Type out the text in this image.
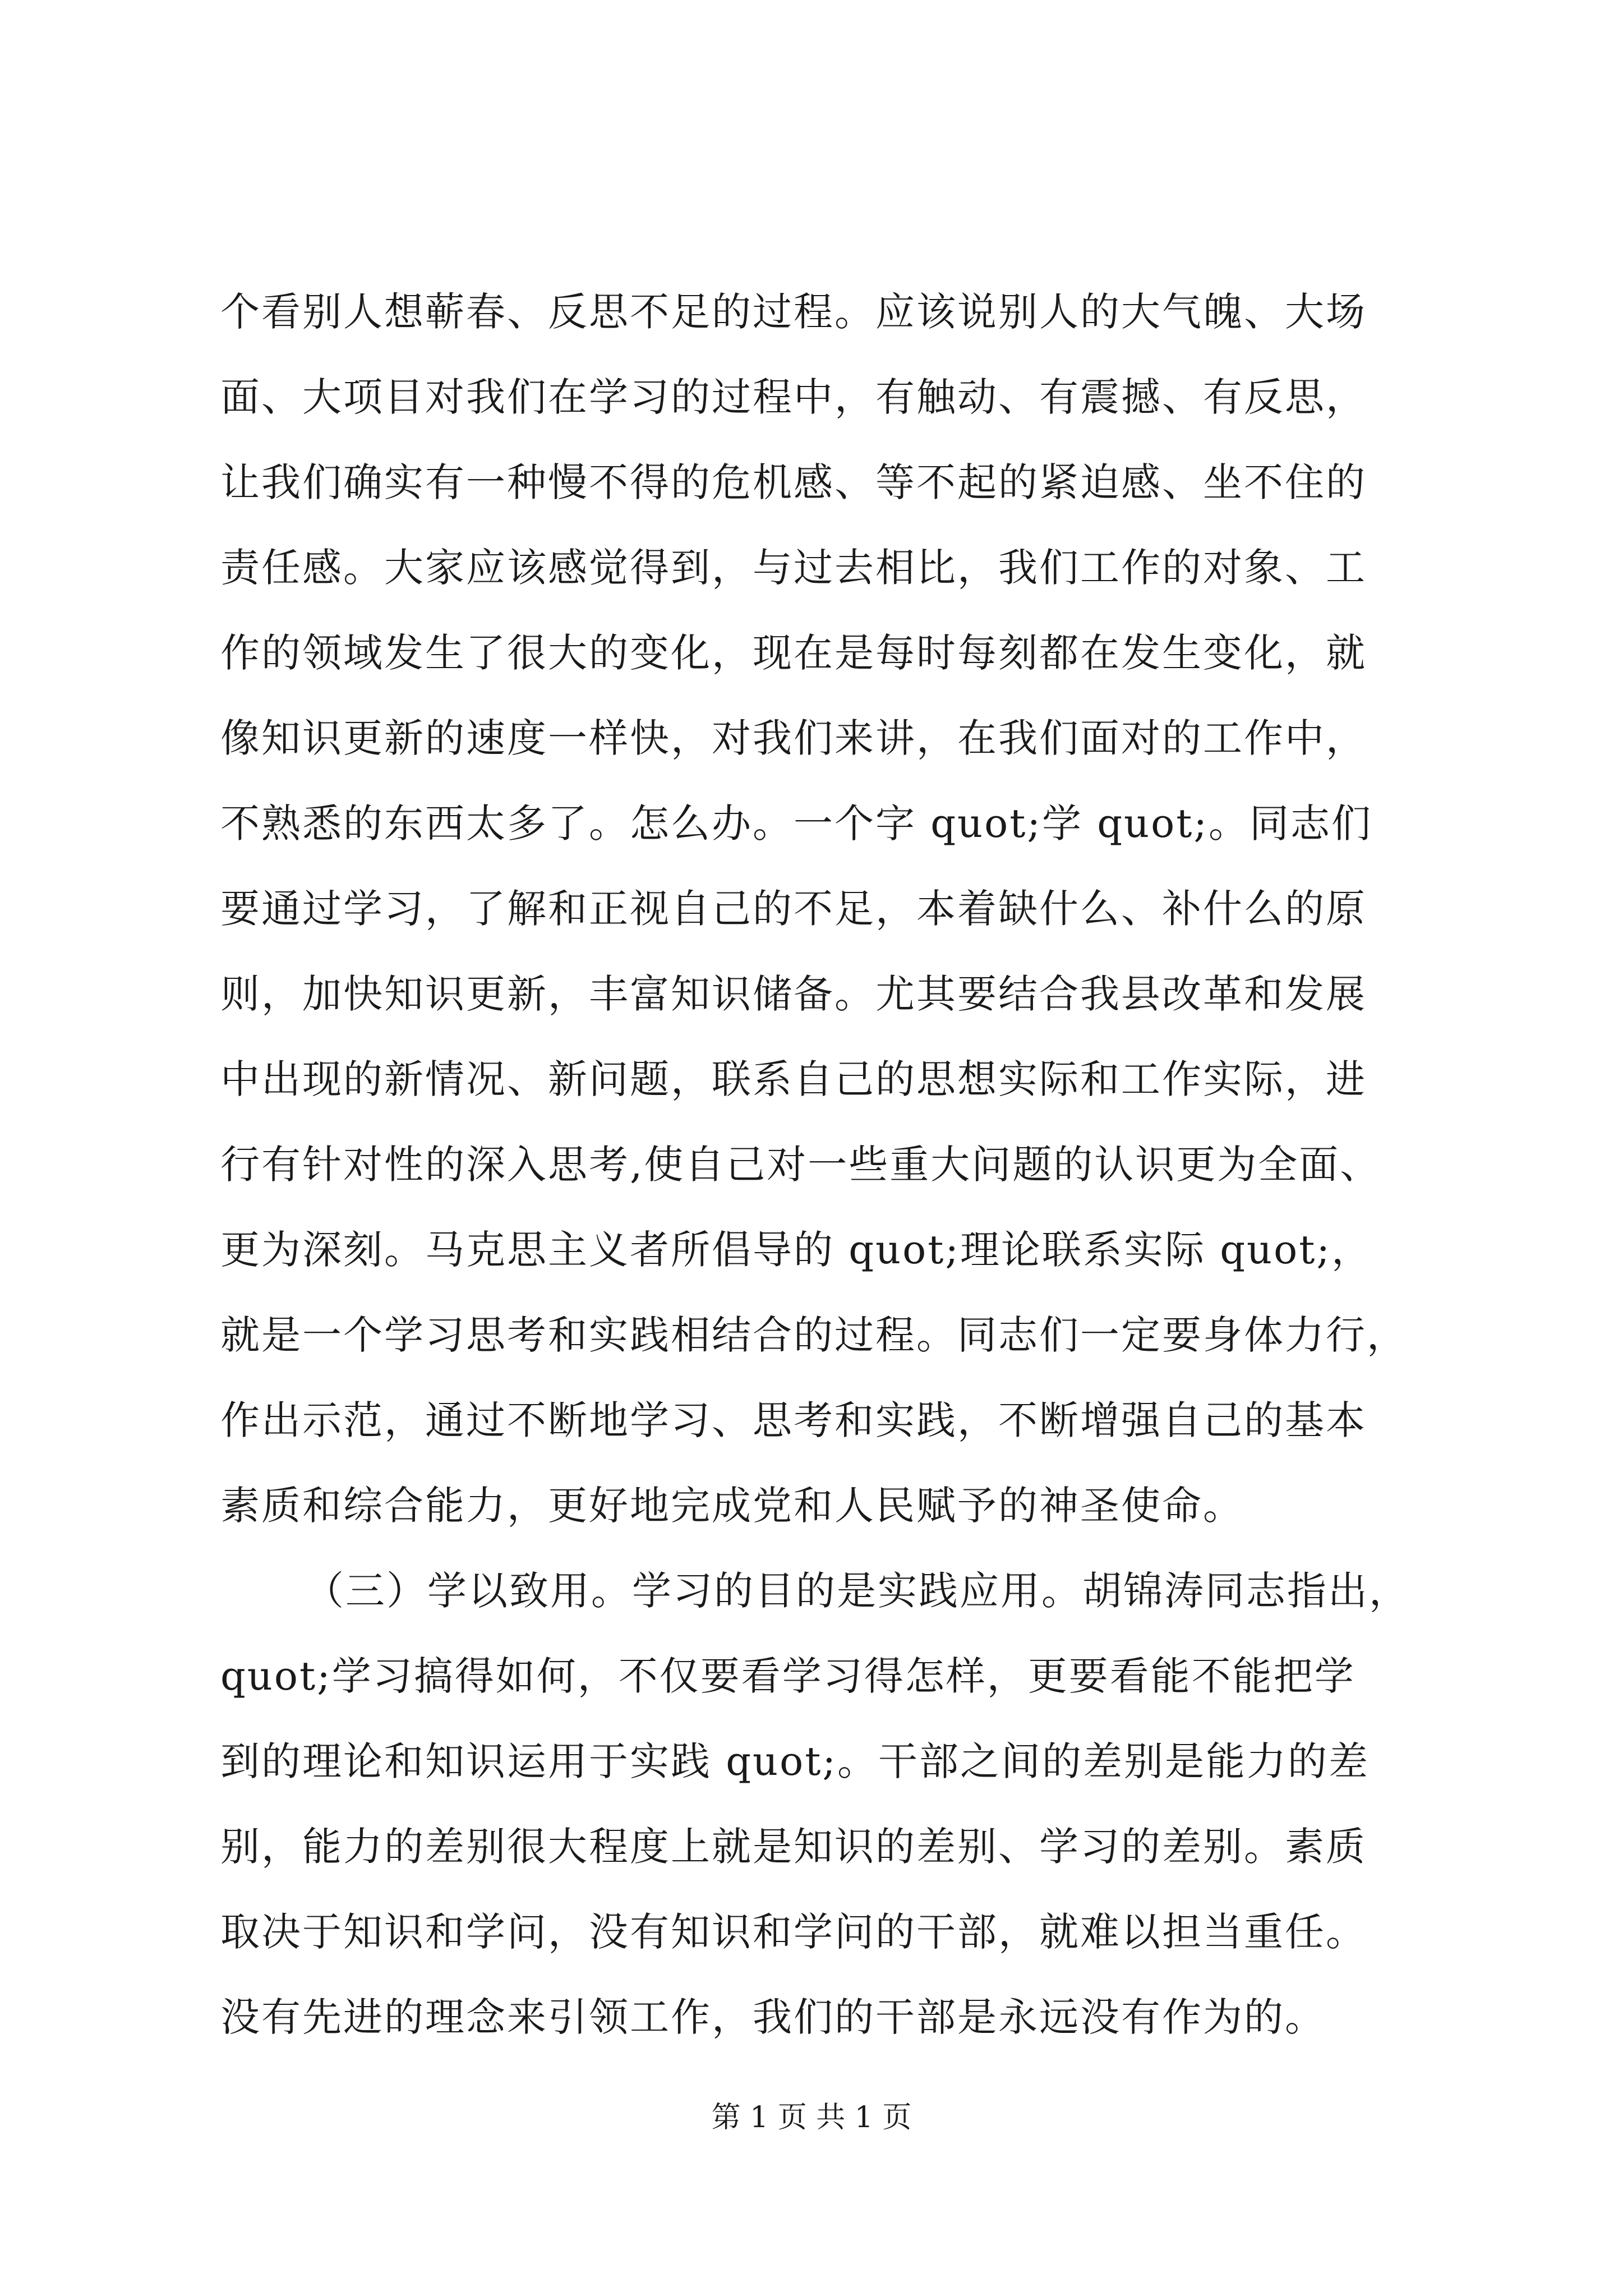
个看别人想蕲春、反思不足的过程。应该说别人的大气魄、大场
面、大项目对我们在学习的过程中，有触动、有震撼、有反思，
让我们确实有一种慢不得的危机感、等不起的紧迫感、坐不住的
责任感。大家应该感觉得到，与过去相比，我们工作的对象、工
作的领域发生了很大的变化，现在是每时每刻都在发生变化，就
像知识更新的速度一样快，对我们来讲，在我们面对的工作中，
不熟悉的东西太多了。怎么办。一个字 quot;学 quot;。同志们
要通过学习，了解和正视自己的不足，本着缺什么、补什么的原
则，加快知识更新，丰富知识储备。尤其要结合我县改革和发展
中出现的新情况、新问题，联系自己的思想实际和工作实际，进
行有针对性的深入思考,使自己对一些重大问题的认识更为全面、
更为深刻。马克思主义者所倡导的 quot;理论联系实际 quot;，
就是一个学习思考和实践相结合的过程。同志们一定要身体力行，
作出示范，通过不断地学习、思考和实践，不断增强自己的基本
素质和综合能力，更好地完成党和人民赋予的神圣使命。
（三）学以致用。学习的目的是实践应用。胡锦涛同志指出，
quot;学习搞得如何，不仅要看学习得怎样，更要看能不能把学
到的理论和知识运用于实践 quot;。干部之间的差别是能力的差
别，能力的差别很大程度上就是知识的差别、学习的差别。素质
取决于知识和学问，没有知识和学问的干部，就难以担当重任。
没有先进的理念来引领工作，我们的干部是永远没有作为的。
第 1 页 共 1 页
